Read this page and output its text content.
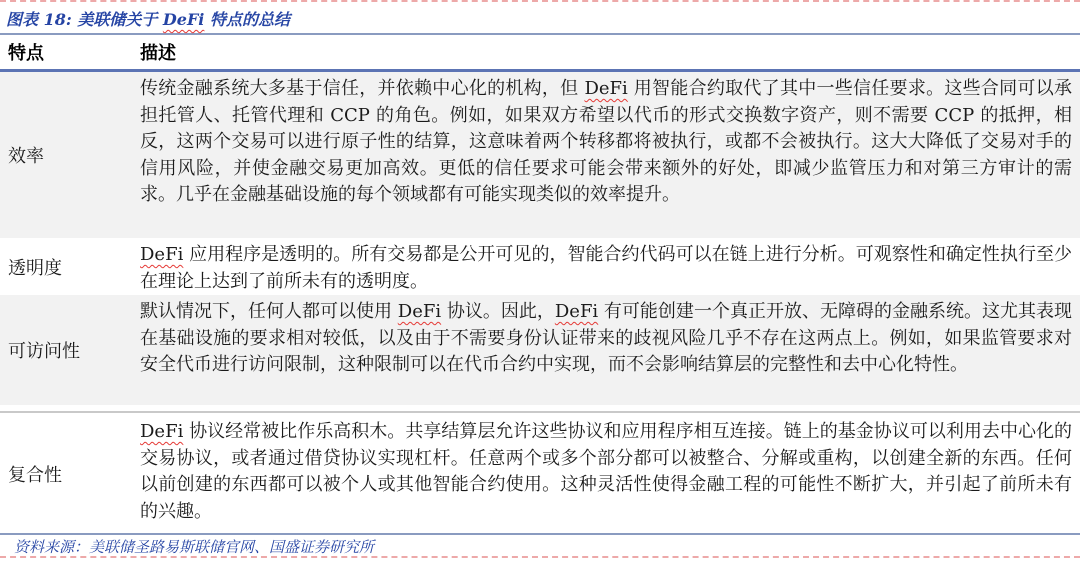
图表 18: 美联储关于 DeFi 特点的总结
特点	描述
效率
传统金融系统大多基于信任，并依赖中心化的机构，但 DeFi 用智能合约取代了其中一些信任要求。这些合同可以承担托管人、托管代理和 CCP 的角色。例如，如果双方希望以代币的形式交换数字资产，则不需要 CCP 的抵押，相反，这两个交易可以进行原子性的结算，这意味着两个转移都将被执行，或都不会被执行。这大大降低了交易对手的信用风险，并使金融交易更加高效。更低的信任要求可能会带来额外的好处，即减少监管压力和对第三方审计的需求。几乎在金融基础设施的每个领域都有可能实现类似的效率提升。
透明度
DeFi 应用程序是透明的。所有交易都是公开可见的，智能合约代码可以在链上进行分析。可观察性和确定性执行至少在理论上达到了前所未有的透明度。
可访问性
默认情况下，任何人都可以使用 DeFi 协议。因此，DeFi 有可能创建一个真正开放、无障碍的金融系统。这尤其表现在基础设施的要求相对较低，以及由于不需要身份认证带来的歧视风险几乎不存在这两点上。例如，如果监管要求对安全代币进行访问限制，这种限制可以在代币合约中实现，而不会影响结算层的完整性和去中心化特性。
复合性
DeFi 协议经常被比作乐高积木。共享结算层允许这些协议和应用程序相互连接。链上的基金协议可以利用去中心化的交易协议，或者通过借贷协议实现杠杆。任意两个或多个部分都可以被整合、分解或重构，以创建全新的东西。任何以前创建的东西都可以被个人或其他智能合约使用。这种灵活性使得金融工程的可能性不断扩大，并引起了前所未有的兴趣。
资料来源：美联储圣路易斯联储官网、国盛证券研究所
